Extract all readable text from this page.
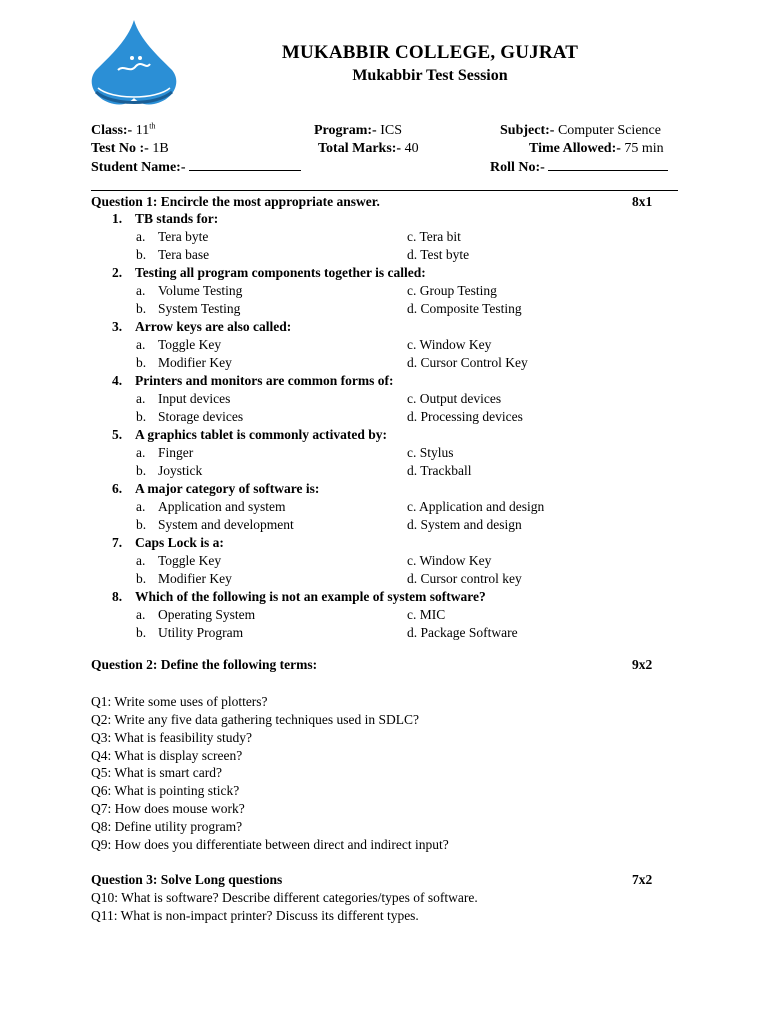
MUKABBIR COLLEGE, GUJRAT
Mukabbir Test Session
Class:- 11th	Program:- ICS	Subject:- Computer Science
Test No :- 1B	Total Marks:- 40	Time Allowed:- 75 min
Student Name:-	Roll No:-
Question 1: Encircle the most appropriate answer.	8x1
1. TB stands for:
a. Tera byte	c. Tera bit
b. Tera base	d. Test byte
2. Testing all program components together is called:
a. Volume Testing	c. Group Testing
b. System Testing	d. Composite Testing
3. Arrow keys are also called:
a. Toggle Key	c. Window Key
b. Modifier Key	d. Cursor Control Key
4. Printers and monitors are common forms of:
a. Input devices	c. Output devices
b. Storage devices	d. Processing devices
5. A graphics tablet is commonly activated by:
a. Finger	c. Stylus
b. Joystick	d. Trackball
6. A major category of software is:
a. Application and system	c. Application and design
b. System and development	d. System and design
7. Caps Lock is a:
a. Toggle Key	c. Window Key
b. Modifier Key	d. Cursor control key
8. Which of the following is not an example of system software?
a. Operating System	c. MIC
b. Utility Program	d. Package Software
Question 2: Define the following terms:	9x2
Q1: Write some uses of plotters?
Q2: Write any five data gathering techniques used in SDLC?
Q3: What is feasibility study?
Q4: What is display screen?
Q5: What is smart card?
Q6: What is pointing stick?
Q7: How does mouse work?
Q8: Define utility program?
Q9: How does you differentiate between direct and indirect input?
Question 3: Solve Long questions	7x2
Q10: What is software? Describe different categories/types of software.
Q11: What is non-impact printer? Discuss its different types.
